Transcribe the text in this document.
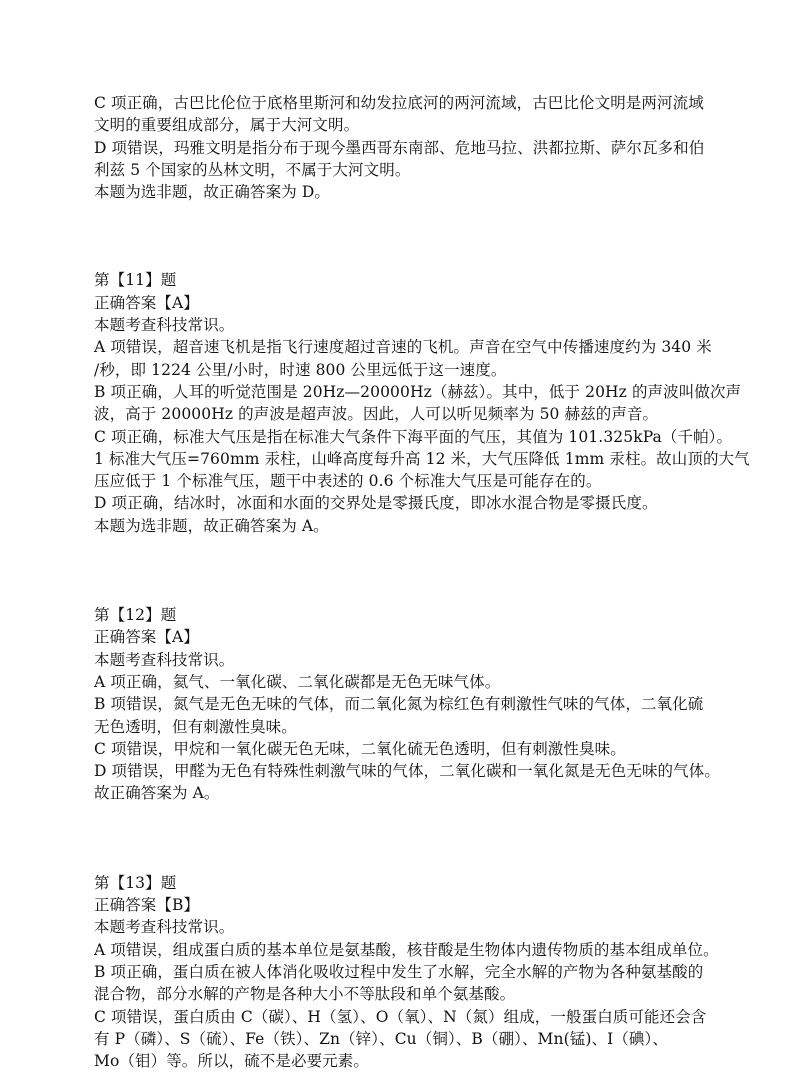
C 项正确，古巴比伦位于底格里斯河和幼发拉底河的两河流域，古巴比伦文明是两河流域
文明的重要组成部分，属于大河文明。
D 项错误，玛雅文明是指分布于现今墨西哥东南部、危地马拉、洪都拉斯、萨尔瓦多和伯
利兹 5 个国家的丛林文明，不属于大河文明。
本题为选非题，故正确答案为 D。
第【11】题
正确答案【A】
本题考查科技常识。
A 项错误，超音速飞机是指飞行速度超过音速的飞机。声音在空气中传播速度约为 340 米
/秒，即 1224 公里/小时，时速 800 公里远低于这一速度。
B 项正确，人耳的听觉范围是 20Hz—20000Hz（赫兹）。其中，低于 20Hz 的声波叫做次声
波，高于 20000Hz 的声波是超声波。因此，人可以听见频率为 50 赫兹的声音。
C 项正确，标准大气压是指在标准大气条件下海平面的气压，其值为 101.325kPa（千帕）。
1 标准大气压=760mm 汞柱，山峰高度每升高 12 米，大气压降低 1mm 汞柱。故山顶的大气
压应低于 1 个标准气压，题干中表述的 0.6 个标准大气压是可能存在的。
D 项正确，结冰时，冰面和水面的交界处是零摄氏度，即冰水混合物是零摄氏度。
本题为选非题，故正确答案为 A。
第【12】题
正确答案【A】
本题考查科技常识。
A 项正确，氦气、一氧化碳、二氧化碳都是无色无味气体。
B 项错误，氮气是无色无味的气体，而二氧化氮为棕红色有刺激性气味的气体，二氧化硫
无色透明，但有刺激性臭味。
C 项错误，甲烷和一氧化碳无色无味，二氧化硫无色透明，但有刺激性臭味。
D 项错误，甲醛为无色有特殊性刺激气味的气体，二氧化碳和一氧化氮是无色无味的气体。
故正确答案为 A。
第【13】题
正确答案【B】
本题考查科技常识。
A 项错误，组成蛋白质的基本单位是氨基酸，核苷酸是生物体内遗传物质的基本组成单位。
B 项正确，蛋白质在被人体消化吸收过程中发生了水解，完全水解的产物为各种氨基酸的
混合物，部分水解的产物是各种大小不等肽段和单个氨基酸。
C 项错误，蛋白质由 C（碳）、H（氢）、O（氧）、N（氮）组成，一般蛋白质可能还会含
有 P（磷）、S（硫）、Fe（铁）、Zn（锌）、Cu（铜）、B（硼）、Mn(锰)、I（碘）、
Mo（钼）等。所以，硫不是必要元素。
